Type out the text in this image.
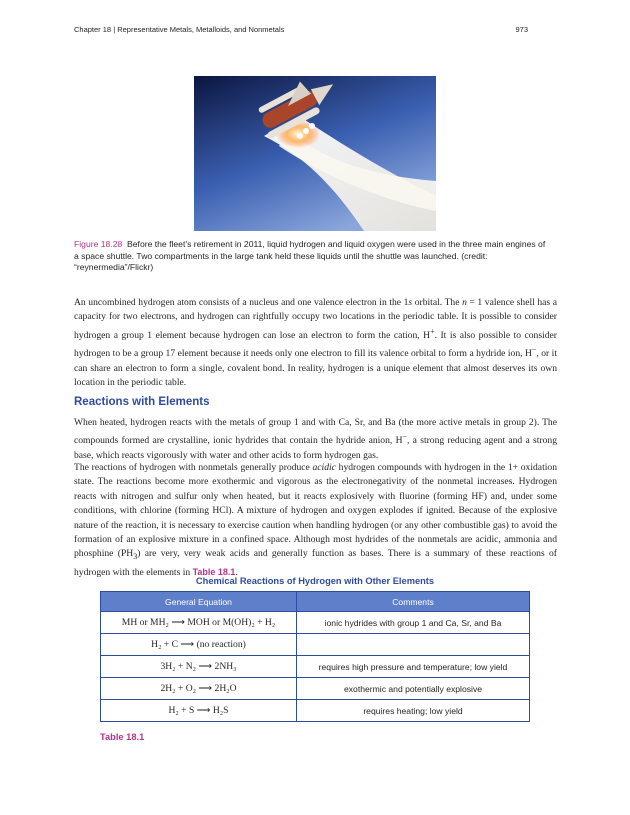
Chapter 18 | Representative Metals, Metalloids, and Nonmetals	973
Figure 18.28 Before the fleet’s retirement in 2011, liquid hydrogen and liquid oxygen were used in the three main engines of a space shuttle. Two compartments in the large tank held these liquids until the shuttle was launched. (credit: “reynermedia”/Flickr)

An uncombined hydrogen atom consists of a nucleus and one valence electron in the 1s orbital. The n = 1 valence shell has a capacity for two electrons, and hydrogen can rightfully occupy two locations in the periodic table. It is possible to consider hydrogen a group 1 element because hydrogen can lose an electron to form the cation, H+. It is also possible to consider hydrogen to be a group 17 element because it needs only one electron to fill its valence orbital to form a hydride ion, H−, or it can share an electron to form a single, covalent bond. In reality, hydrogen is a unique element that almost deserves its own location in the periodic table.

Reactions with Elements

When heated, hydrogen reacts with the metals of group 1 and with Ca, Sr, and Ba (the more active metals in group 2). The compounds formed are crystalline, ionic hydrides that contain the hydride anion, H−, a strong reducing agent and a strong base, which reacts vigorously with water and other acids to form hydrogen gas.

The reactions of hydrogen with nonmetals generally produce acidic hydrogen compounds with hydrogen in the 1+ oxidation state. The reactions become more exothermic and vigorous as the electronegativity of the nonmetal increases. Hydrogen reacts with nitrogen and sulfur only when heated, but it reacts explosively with fluorine (forming HF) and, under some conditions, with chlorine (forming HCl). A mixture of hydrogen and oxygen explodes if ignited. Because of the explosive nature of the reaction, it is necessary to exercise caution when handling hydrogen (or any other combustible gas) to avoid the formation of an explosive mixture in a confined space. Although most hydrides of the nonmetals are acidic, ammonia and phosphine $(PH_3)$ are very, very weak acids and generally function as bases. There is a summary of these reactions of hydrogen with the elements in Table 18.1.

Chemical Reactions of Hydrogen with Other Elements
General Equation	Comments
MH or MH₂ ⟶ MOH or M(OH)₂ + H₂	ionic hydrides with group 1 and Ca, Sr, and Ba
H₂ + C ⟶ (no reaction)	
3H₂ + N₂ ⟶ 2NH₃	requires high pressure and temperature; low yield
2H₂ + O₂ ⟶ 2H₂O	exothermic and potentially explosive
H₂ + S ⟶ H₂S	requires heating; low yield
Table 18.1
